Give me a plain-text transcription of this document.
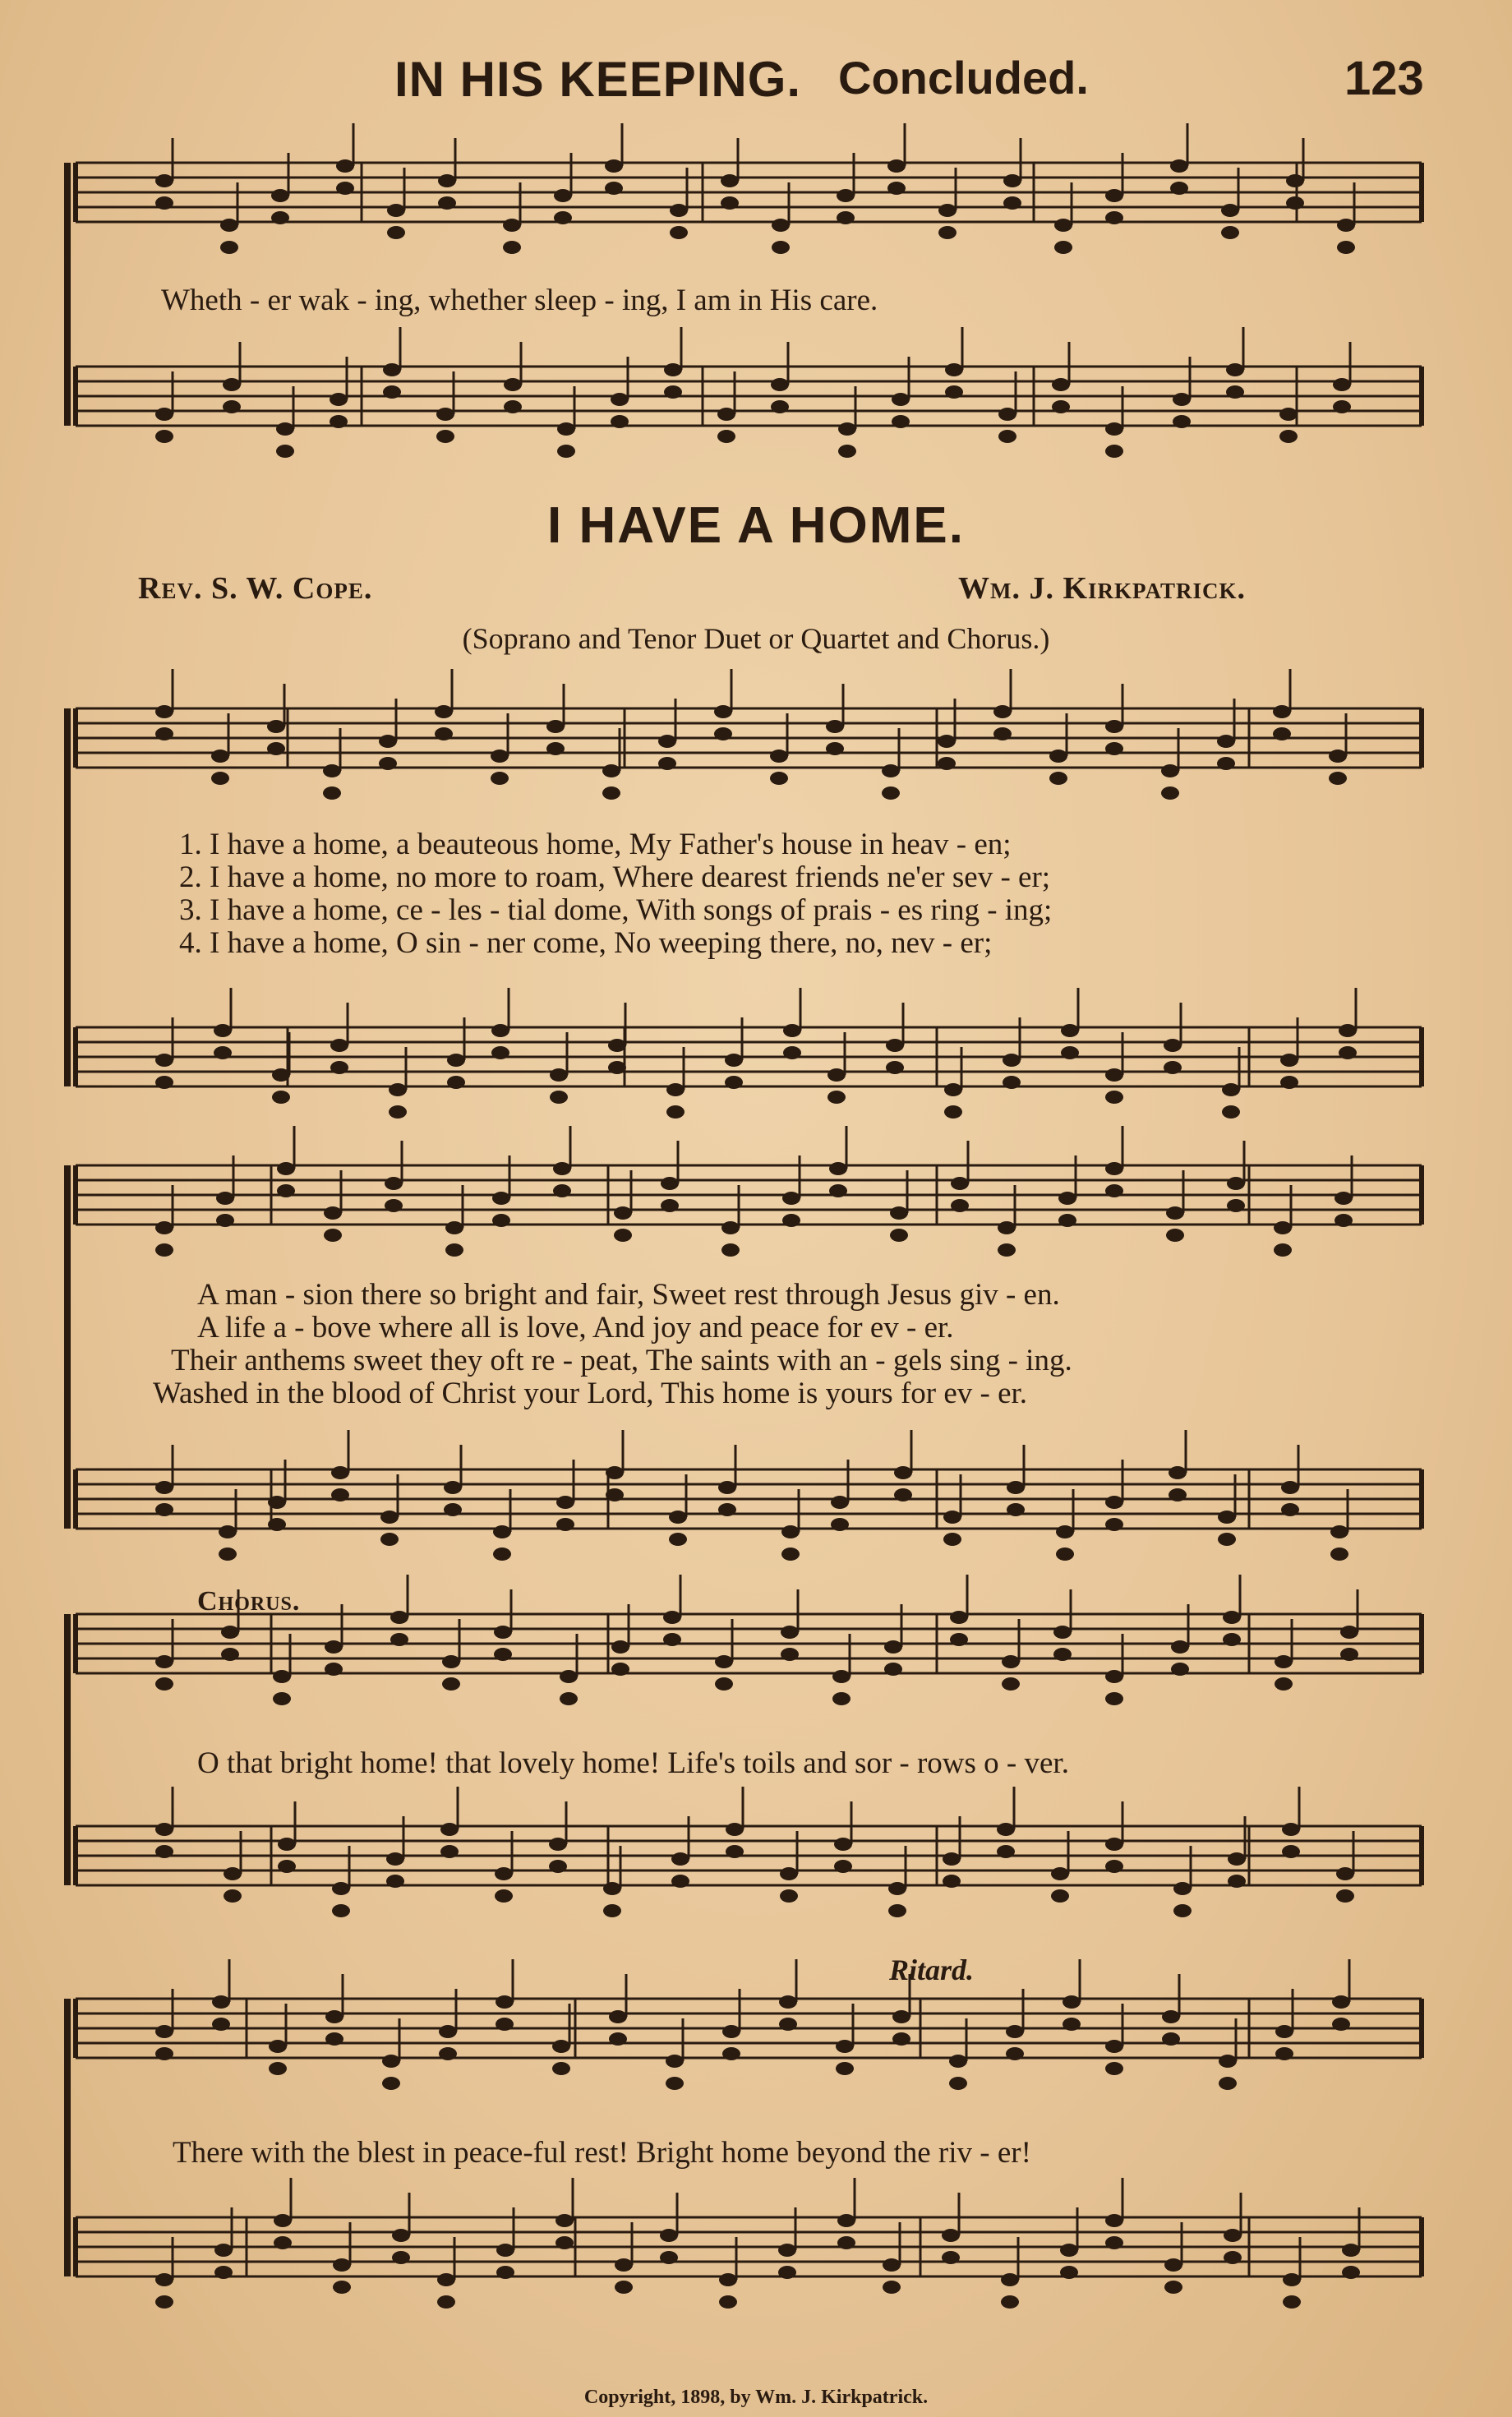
IN HIS KEEPING. Concluded.	123
Wheth - er wak - ing, whether sleep - ing, I am in His care.
I HAVE A HOME.
Rev. S. W. Cope.	Wm. J. Kirkpatrick.
(Soprano and Tenor Duet or Quartet and Chorus.)
1. I have a home, a beauteous home, My Father's house in heav - en;
2. I have a home, no more to roam, Where dearest friends ne'er sev - er;
3. I have a home, ce - les - tial dome, With songs of prais - es ring - ing;
4. I have a home, O sin - ner come, No weeping there, no, nev - er;
A man - sion there so bright and fair, Sweet rest through Jesus giv - en.
A life a - bove where all is love, And joy and peace for ev - er.
Their anthems sweet they oft re - peat, The saints with an - gels sing - ing.
Washed in the blood of Christ your Lord, This home is yours for ev - er.
Chorus.
O that bright home! that lovely home! Life's toils and sor - rows o - ver.
Ritard.
There with the blest in peace-ful rest! Bright home beyond the riv - er!
Copyright, 1898, by Wm. J. Kirkpatrick.
